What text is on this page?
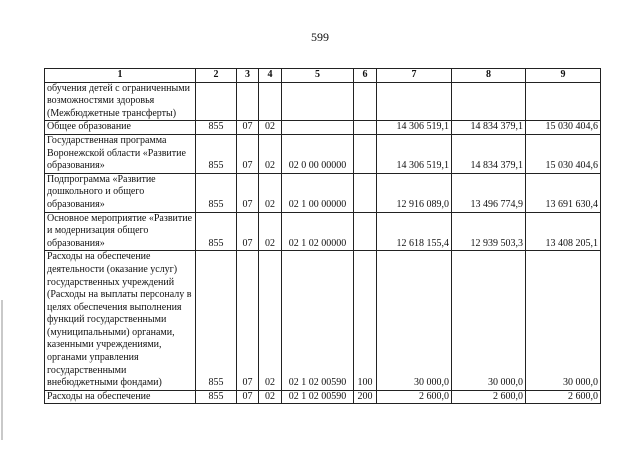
599
1	2	3	4	5	6	7	8	9
обучения детей с ограниченными возможностями здоровья (Межбюджетные трансферты)								
Общее образование	855	07	02			14 306 519,1	14 834 379,1	15 030 404,6
Государственная программа Воронежской области «Развитие образования»	855	07	02	02 0 00 00000		14 306 519,1	14 834 379,1	15 030 404,6
Подпрограмма «Развитие дошкольного и общего образования»	855	07	02	02 1 00 00000		12 916 089,0	13 496 774,9	13 691 630,4
Основное мероприятие «Развитие и модернизация общего образования»	855	07	02	02 1 02 00000		12 618 155,4	12 939 503,3	13 408 205,1
Расходы на обеспечение деятельности (оказание услуг) государственных учреждений (Расходы на выплаты персоналу в целях обеспечения выполнения функций государственными (муниципальными) органами, казенными учреждениями, органами управления государственными внебюджетными фондами)	855	07	02	02 1 02 00590	100	30 000,0	30 000,0	30 000,0
Расходы на обеспечение	855	07	02	02 1 02 00590	200	2 600,0	2 600,0	2 600,0
